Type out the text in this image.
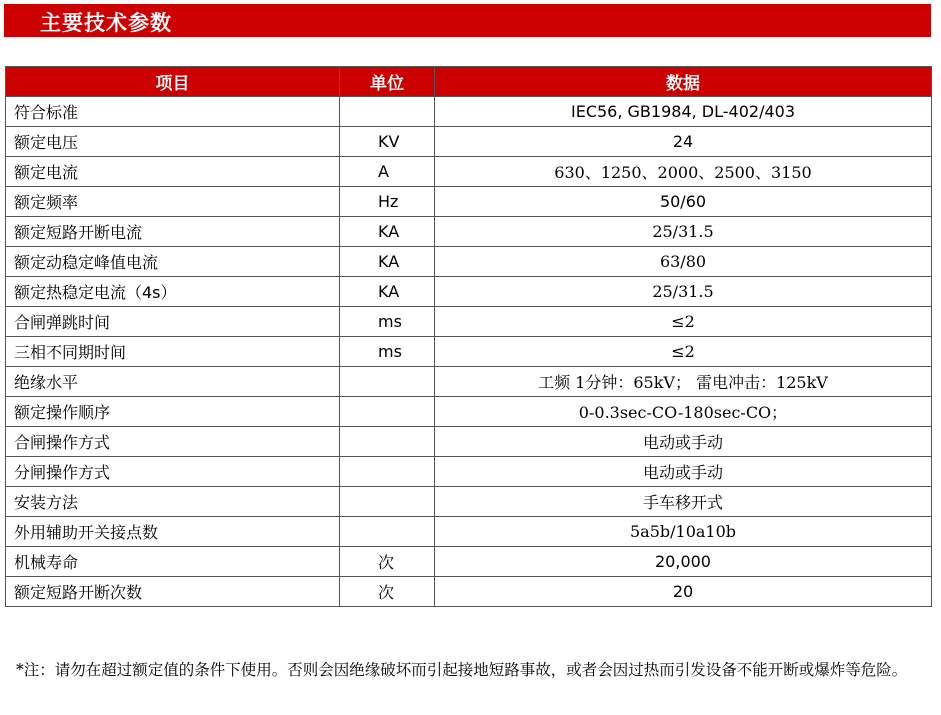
主要技术参数
项目	单位	数据
符合标准		IEC56, GB1984, DL-402/403
额定电压	KV	24
额定电流	A	630、1250、2000、2500、3150
额定频率	Hz	50/60
额定短路开断电流	KA	25/31.5
额定动稳定峰值电流	KA	63/80
额定热稳定电流（4s）	KA	25/31.5
合闸弹跳时间	ms	≤2
三相不同期时间	ms	≤2
绝缘水平		工频 1分钟：65kV； 雷电冲击：125kV
额定操作顺序		0-0.3sec-CO-180sec-CO；
合闸操作方式		电动或手动
分闸操作方式		电动或手动
安装方法		手车移开式
外用辅助开关接点数		5a5b/10a10b
机械寿命	次	20,000
额定短路开断次数	次	20
*注：请勿在超过额定值的条件下使用。否则会因绝缘破坏而引起接地短路事故，或者会因过热而引发设备不能开断或爆炸等危险。
